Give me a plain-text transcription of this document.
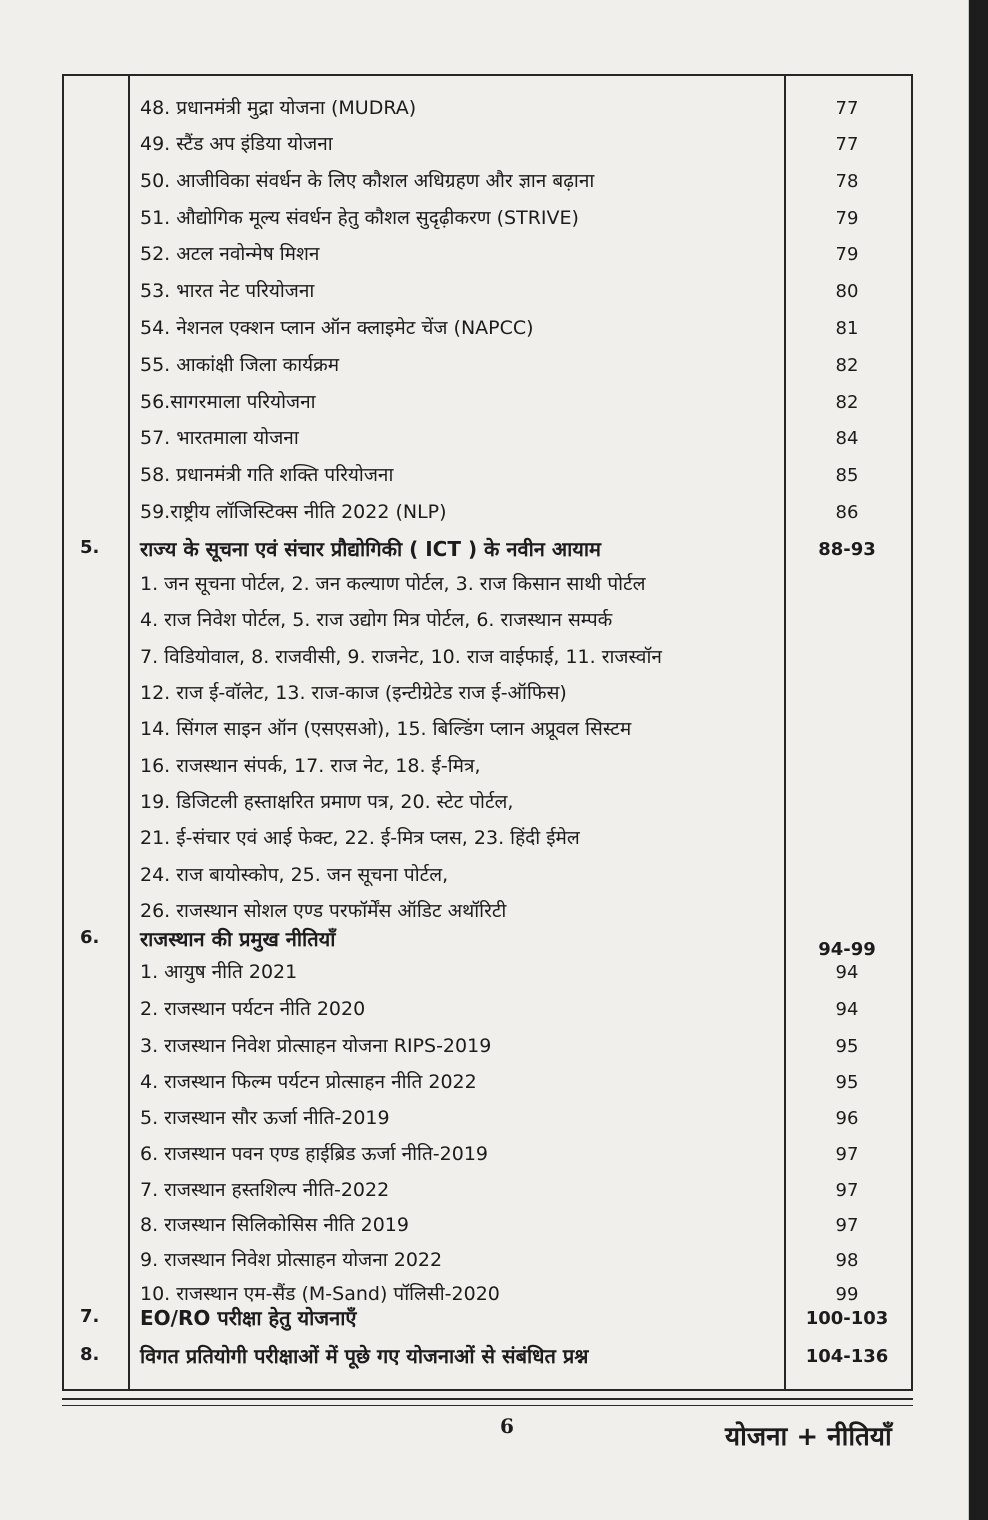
48. प्रधानमंत्री मुद्रा योजना (MUDRA)	77
49. स्टैंड अप इंडिया योजना	77
50. आजीविका संवर्धन के लिए कौशल अधिग्रहण और ज्ञान बढ़ाना	78
51. औद्योगिक मूल्य संवर्धन हेतु कौशल सुदृढ़ीकरण (STRIVE)	79
52. अटल नवोन्मेष मिशन	79
53. भारत नेट परियोजना	80
54. नेशनल एक्शन प्लान ऑन क्लाइमेट चेंज (NAPCC)	81
55. आकांक्षी जिला कार्यक्रम	82
56.सागरमाला परियोजना	82
57. भारतमाला योजना	84
58. प्रधानमंत्री गति शक्ति परियोजना	85
59.राष्ट्रीय लॉजिस्टिक्स नीति 2022 (NLP)	86
5. राज्य के सूचना एवं संचार प्रौद्योगिकी ( ICT ) के नवीन आयाम	88-93
1. जन सूचना पोर्टल, 2. जन कल्याण पोर्टल, 3. राज किसान साथी पोर्टल
4. राज निवेश पोर्टल, 5. राज उद्योग मित्र पोर्टल, 6. राजस्थान सम्पर्क
7. विडियोवाल, 8. राजवीसी, 9. राजनेट, 10. राज वाईफाई, 11. राजस्वॉन
12. राज ई-वॉलेट, 13. राज-काज (इन्टीग्रेटेड राज ई-ऑफिस)
14. सिंगल साइन ऑन (एसएसओ), 15. बिल्डिंग प्लान अप्रूवल सिस्टम
16. राजस्थान संपर्क, 17. राज नेट, 18. ई-मित्र,
19. डिजिटली हस्ताक्षरित प्रमाण पत्र, 20. स्टेट पोर्टल,
21. ई-संचार एवं आई फेक्ट, 22. ई-मित्र प्लस, 23. हिंदी ईमेल
24. राज बायोस्कोप, 25. जन सूचना पोर्टल,
26. राजस्थान सोशल एण्ड परफॉर्मेंस ऑडिट अथॉरिटी
6. राजस्थान की प्रमुख नीतियाँ	94-99
1. आयुष नीति 2021	94
2. राजस्थान पर्यटन नीति 2020	94
3. राजस्थान निवेश प्रोत्साहन योजना RIPS-2019	95
4. राजस्थान फिल्म पर्यटन प्रोत्साहन नीति 2022	95
5. राजस्थान सौर ऊर्जा नीति-2019	96
6. राजस्थान पवन एण्ड हाईब्रिड ऊर्जा नीति-2019	97
7. राजस्थान हस्तशिल्प नीति-2022	97
8. राजस्थान सिलिकोसिस नीति 2019	97
9. राजस्थान निवेश प्रोत्साहन योजना 2022	98
10. राजस्थान एम-सैंड (M-Sand) पॉलिसी-2020	99
7. EO/RO परीक्षा हेतु योजनाएँ	100-103
8. विगत प्रतियोगी परीक्षाओं में पूछे गए योजनाओं से संबंधित प्रश्न	104-136
6	योजना + नीतियाँ
